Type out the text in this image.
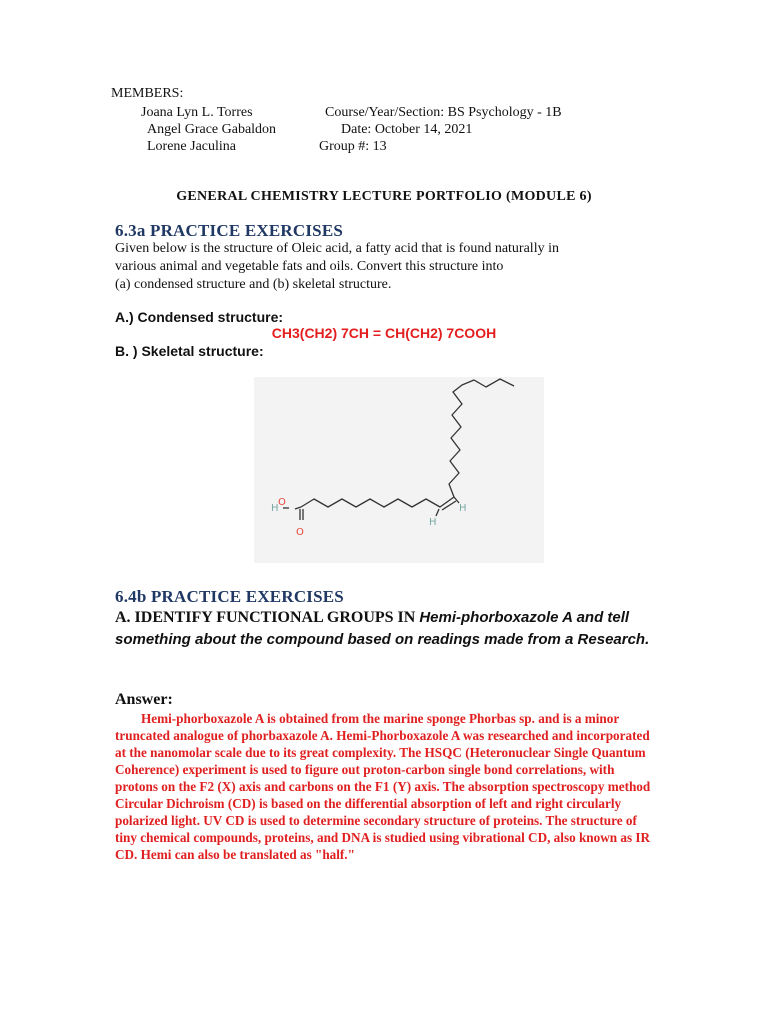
MEMBERS:
Joana Lyn L. Torres
Angel Grace Gabaldon
Lorene Jaculina
Course/Year/Section: BS Psychology - 1B
Date: October 14, 2021
Group #: 13
GENERAL CHEMISTRY LECTURE PORTFOLIO (MODULE 6)
6.3a PRACTICE EXERCISES
Given below is the structure of Oleic acid, a fatty acid that is found naturally in
various animal and vegetable fats and oils. Convert this structure into
(a) condensed structure and (b) skeletal structure.
A.) Condensed structure:
CH3(CH2) 7CH = CH(CH2) 7COOH
B. ) Skeletal structure:
H
O
O
H
H
6.4b PRACTICE EXERCISES
A. IDENTIFY FUNCTIONAL GROUPS IN Hemi-phorboxazole A and tell something about the compound based on readings made from a Research.
Answer:
Hemi-phorboxazole A is obtained from the marine sponge Phorbas sp. and is a minor truncated analogue of phorbaxazole A. Hemi-Phorboxazole A was researched and incorporated at the nanomolar scale due to its great complexity. The HSQC (Heteronuclear Single Quantum Coherence) experiment is used to figure out proton-carbon single bond correlations, with protons on the F2 (X) axis and carbons on the F1 (Y) axis. The absorption spectroscopy method Circular Dichroism (CD) is based on the differential absorption of left and right circularly polarized light. UV CD is used to determine secondary structure of proteins. The structure of tiny chemical compounds, proteins, and DNA is studied using vibrational CD, also known as IR CD. Hemi can also be translated as "half."
